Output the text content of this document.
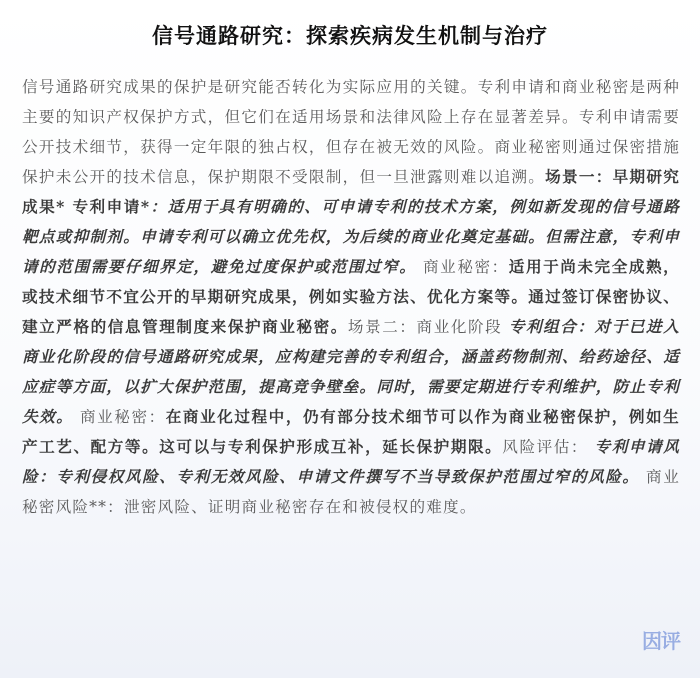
信号通路研究：探索疾病发生机制与治疗

信号通路研究成果的保护是研究能否转化为实际应用的关键。专利申请和商业秘密是两种主要的知识产权保护方式，但它们在适用场景和法律风险上存在显著差异。专利申请需要公开技术细节，获得一定年限的独占权，但存在被无效的风险。商业秘密则通过保密措施保护未公开的技术信息，保护期限不受限制，但一旦泄露则难以追溯。场景一：早期研究成果* 专利申请*：适用于具有明确的、可申请专利的技术方案，例如新发现的信号通路靶点或抑制剂。申请专利可以确立优先权，为后续的商业化奠定基础。但需注意，专利申请的范围需要仔细界定，避免过度保护或范围过窄。 商业秘密：适用于尚未完全成熟，或技术细节不宜公开的早期研究成果，例如实验方法、优化方案等。通过签订保密协议、建立严格的信息管理制度来保护商业秘密。场景二：商业化阶段 专利组合：对于已进入商业化阶段的信号通路研究成果，应构建完善的专利组合，涵盖药物制剂、给药途径、适应症等方面，以扩大保护范围，提高竞争壁垒。同时，需要定期进行专利维护，防止专利失效。 商业秘密：在商业化过程中，仍有部分技术细节可以作为商业秘密保护，例如生产工艺、配方等。这可以与专利保护形成互补，延长保护期限。风险评估： 专利申请风险：专利侵权风险、专利无效风险、申请文件撰写不当导致保护范围过窄的风险。 商业秘密风险**：泄密风险、证明商业秘密存在和被侵权的难度。

因评
